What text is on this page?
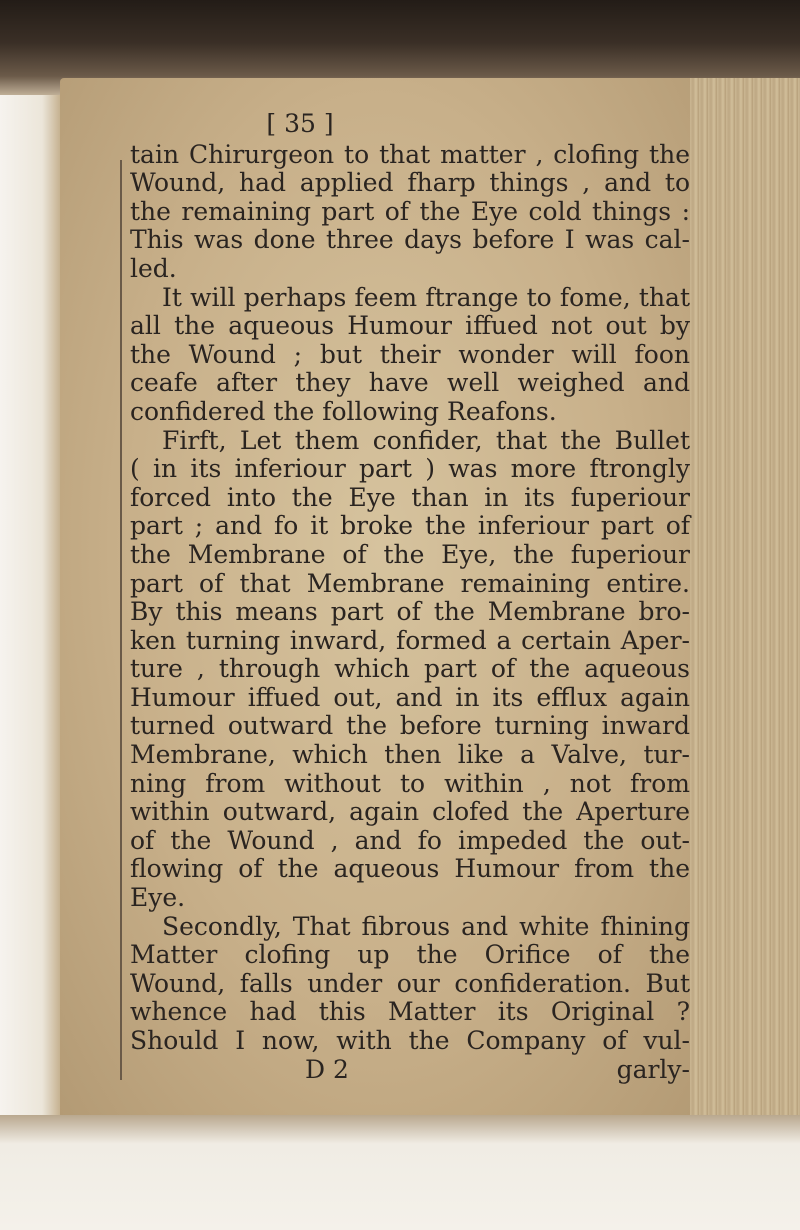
[ 35 ]
tain Chirurgeon to that matter , clofing the
Wound, had applied fharp things , and to
the remaining part of the Eye cold things :
This was done three days before I was cal-
led.
It will perhaps feem ftrange to fome, that
all the aqueous Humour iffued not out by
the Wound ; but their wonder will foon
ceafe after they have well weighed and
confidered the following Reafons.
Firft, Let them confider, that the Bullet
( in its inferiour part ) was more ftrongly
forced into the Eye than in its fuperiour
part ; and fo it broke the inferiour part of
the Membrane of the Eye, the fuperiour
part of that Membrane remaining entire.
By this means part of the Membrane bro-
ken turning inward, formed a certain Aper-
ture , through which part of the aqueous
Humour iffued out, and in its efflux again
turned outward the before turning inward
Membrane, which then like a Valve, tur-
ning from without to within , not from
within outward, again clofed the Aperture
of the Wound , and fo impeded the out-
flowing of the aqueous Humour from the
Eye.
Secondly, That fibrous and white fhining
Matter clofing up the Orifice of the
Wound, falls under our confideration. But
whence had this Matter its Original ?
Should I now, with the Company of vul-
D 2	garly-
